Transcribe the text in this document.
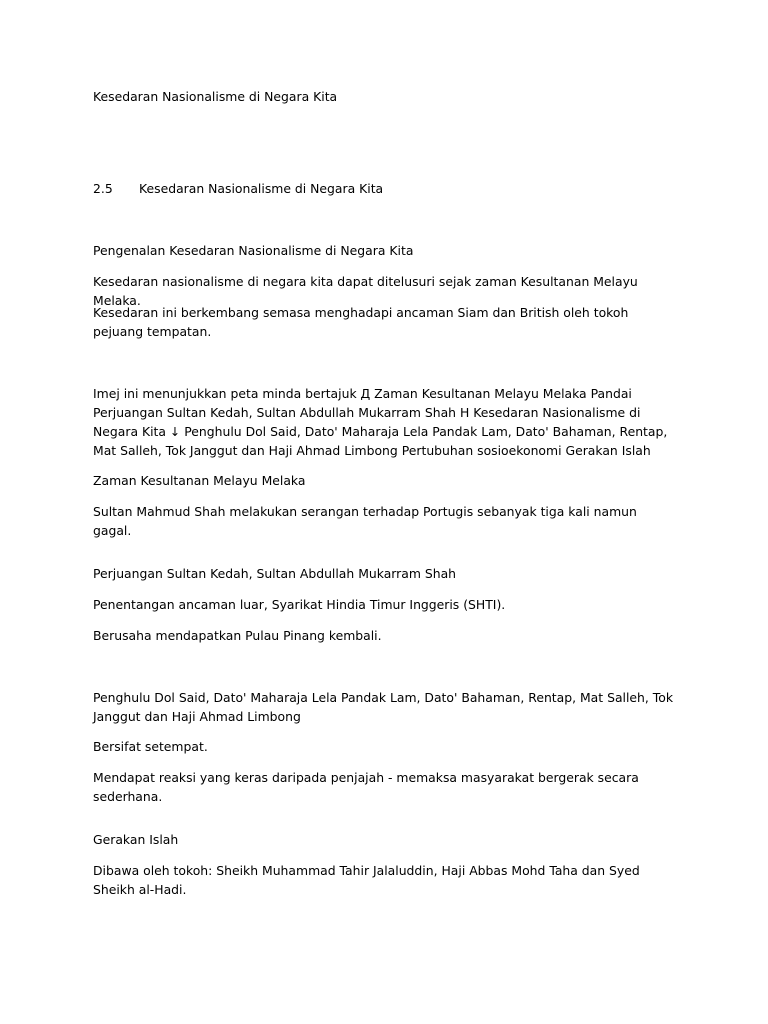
Kesedaran Nasionalisme di Negara Kita

2.5 Kesedaran Nasionalisme di Negara Kita

Pengenalan Kesedaran Nasionalisme di Negara Kita

Kesedaran nasionalisme di negara kita dapat ditelusuri sejak zaman Kesultanan Melayu Melaka.

Kesedaran ini berkembang semasa menghadapi ancaman Siam dan British oleh tokoh pejuang tempatan.

Imej ini menunjukkan peta minda bertajuk Д Zaman Kesultanan Melayu Melaka Pandai Perjuangan Sultan Kedah, Sultan Abdullah Mukarram Shah H Kesedaran Nasionalisme di Negara Kita ↓ Penghulu Dol Said, Dato' Maharaja Lela Pandak Lam, Dato' Bahaman, Rentap, Mat Salleh, Tok Janggut dan Haji Ahmad Limbong Pertubuhan sosioekonomi Gerakan Islah

Zaman Kesultanan Melayu Melaka

Sultan Mahmud Shah melakukan serangan terhadap Portugis sebanyak tiga kali namun gagal.

Perjuangan Sultan Kedah, Sultan Abdullah Mukarram Shah

Penentangan ancaman luar, Syarikat Hindia Timur Inggeris (SHTI).

Berusaha mendapatkan Pulau Pinang kembali.

Penghulu Dol Said, Dato' Maharaja Lela Pandak Lam, Dato' Bahaman, Rentap, Mat Salleh, Tok Janggut dan Haji Ahmad Limbong

Bersifat setempat.

Mendapat reaksi yang keras daripada penjajah - memaksa masyarakat bergerak secara sederhana.

Gerakan Islah

Dibawa oleh tokoh: Sheikh Muhammad Tahir Jalaluddin, Haji Abbas Mohd Taha dan Syed Sheikh al-Hadi.
